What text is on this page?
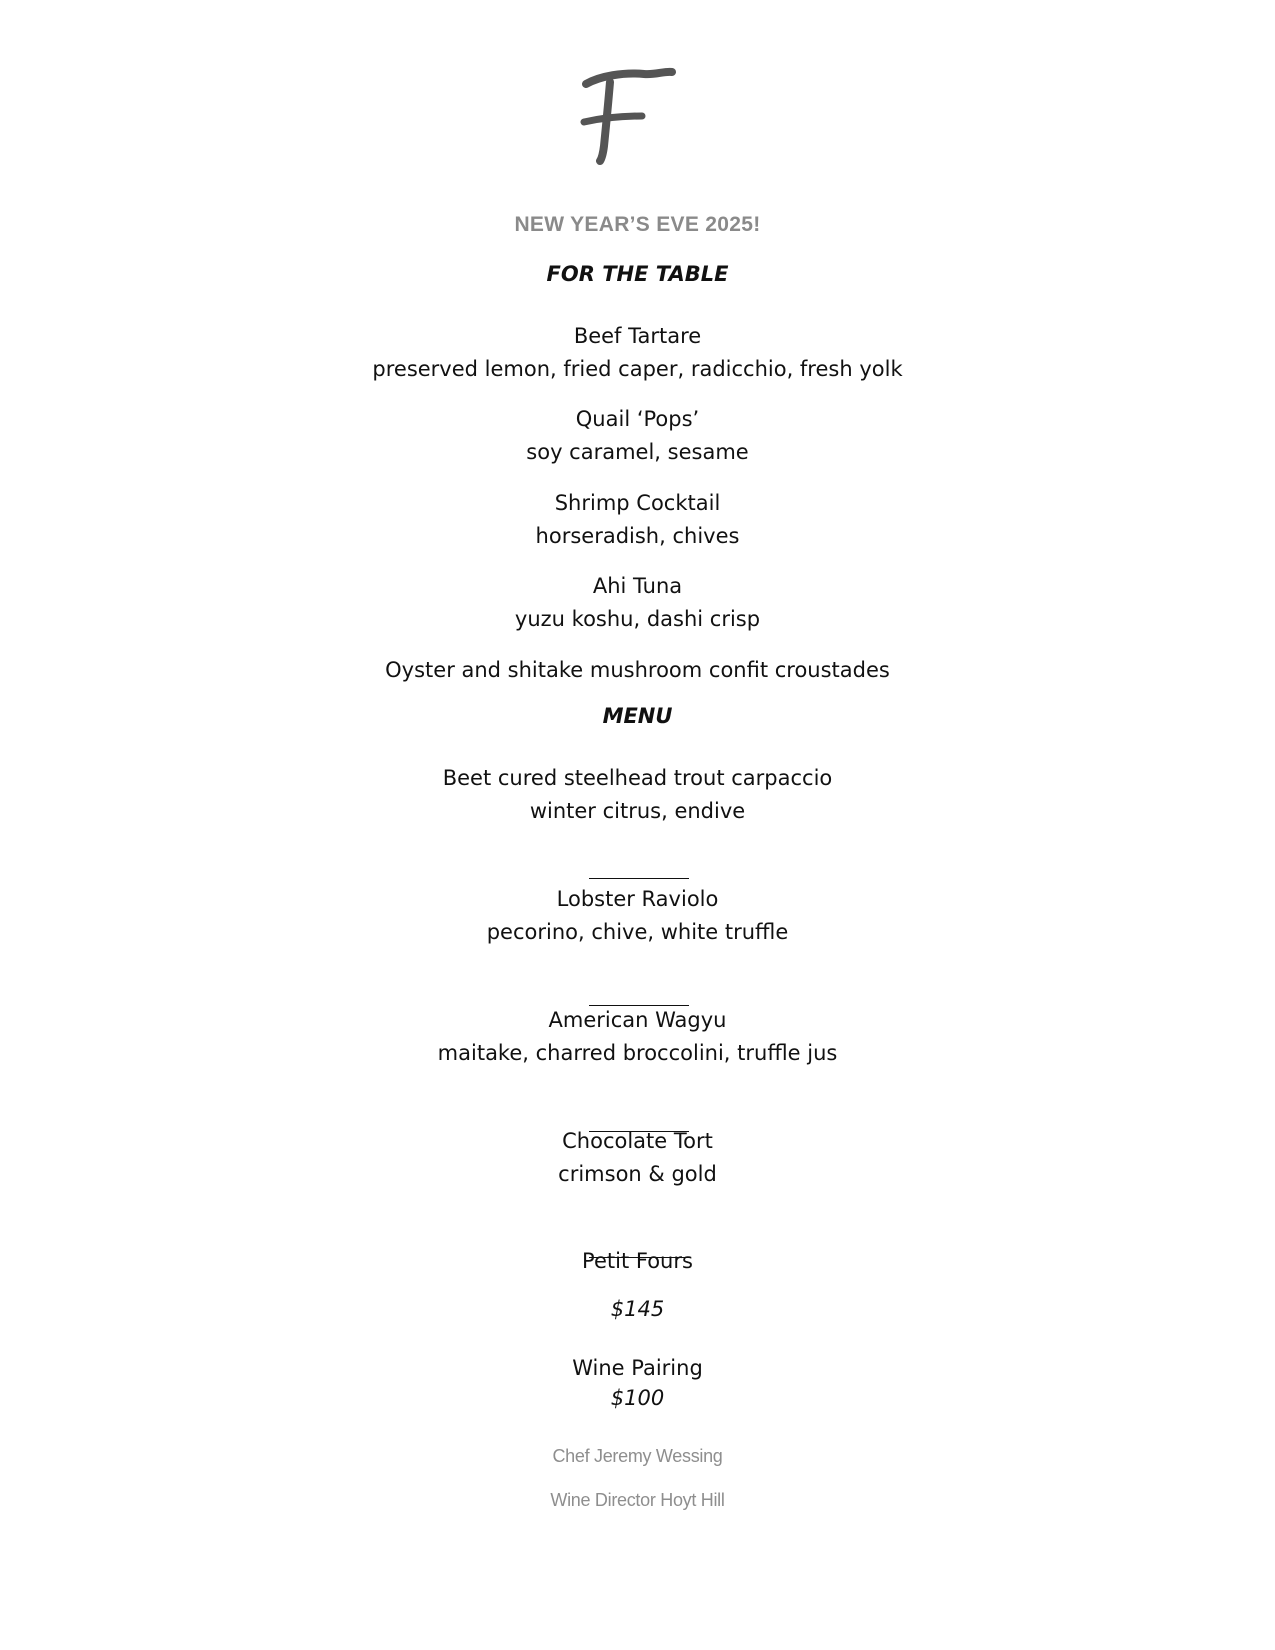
NEW YEAR’S EVE 2025!
FOR THE TABLE
Beef Tartare
preserved lemon, fried caper, radicchio, fresh yolk
Quail ‘Pops’
soy caramel, sesame
Shrimp Cocktail
horseradish, chives
Ahi Tuna
yuzu koshu, dashi crisp
Oyster and shitake mushroom confit croustades
MENU
Beet cured steelhead trout carpaccio
winter citrus, endive
Lobster Raviolo
pecorino, chive, white truffle
American Wagyu
maitake, charred broccolini, truffle jus
Chocolate Tort
crimson & gold
Petit Fours
$145
Wine Pairing
$100
Chef Jeremy Wessing
Wine Director Hoyt Hill
